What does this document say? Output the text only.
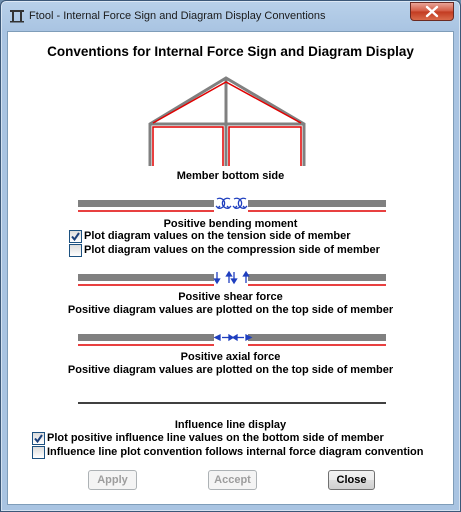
Ftool - Internal Force Sign and Diagram Display Conventions
Conventions for Internal Force Sign and Diagram Display
Member bottom side
Positive bending moment
Plot diagram values on the tension side of member
Plot diagram values on the compression side of member
Positive shear force
Positive diagram values are plotted on the top side of member
Positive axial force
Positive diagram values are plotted on the top side of member
Influence line display
Plot positive influence line values on the bottom side of member
Influence line plot convention follows internal force diagram convention
Apply	Accept	Close
